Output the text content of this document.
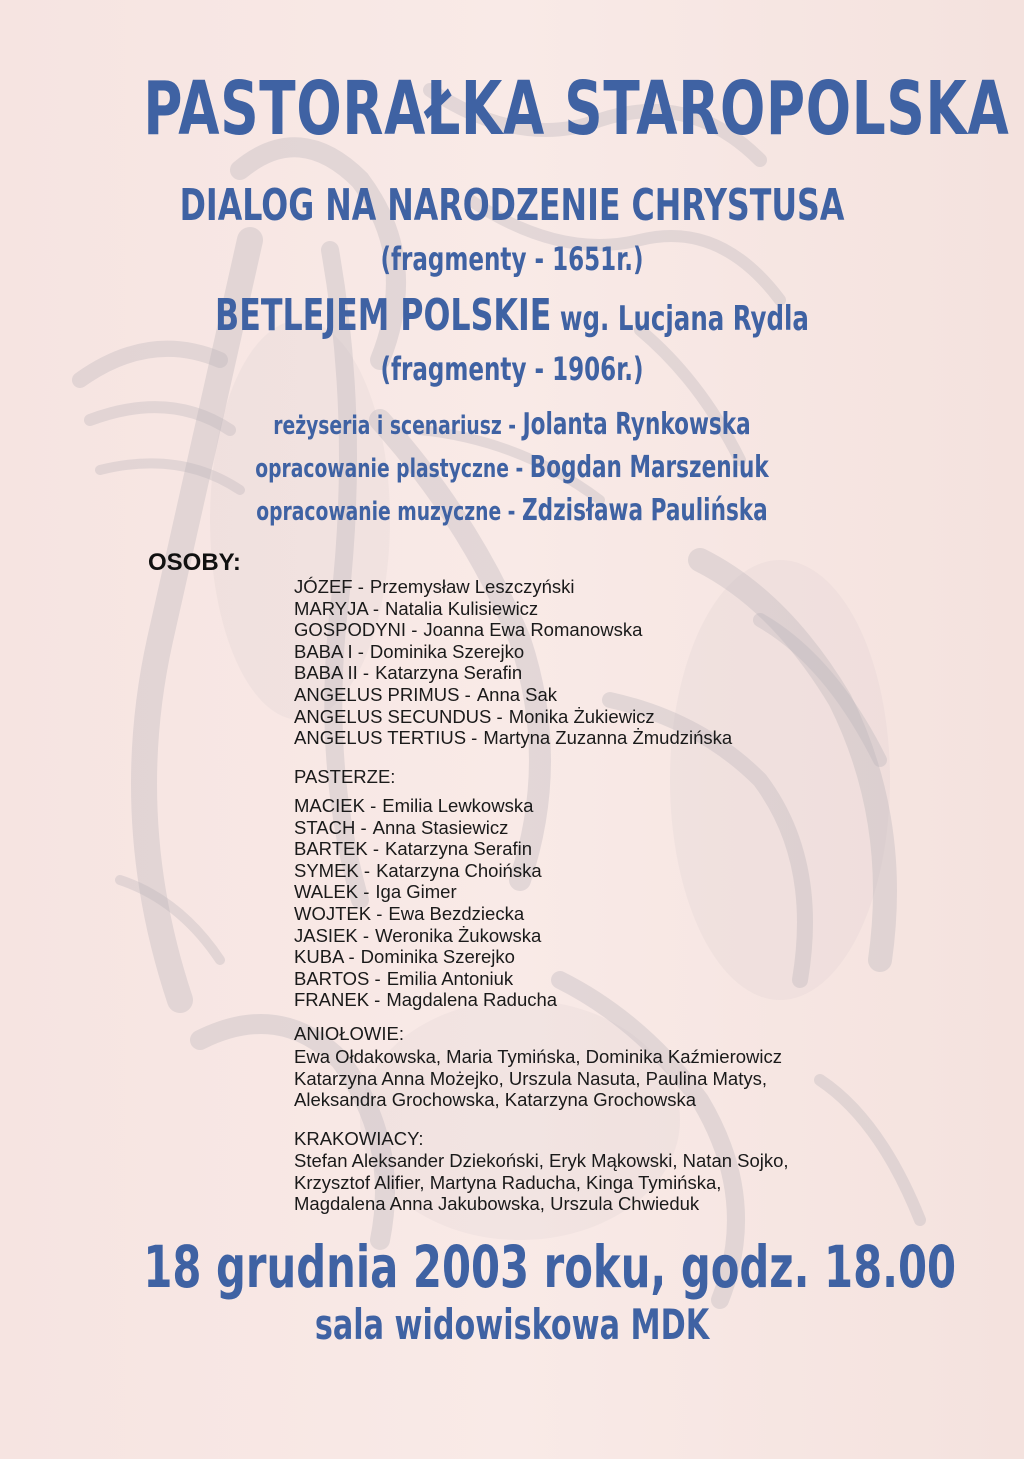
PASTORAŁKA STAROPOLSKA
DIALOG NA NARODZENIE CHRYSTUSA
(fragmenty - 1651r.)
BETLEJEM POLSKIE wg. Lucjana Rydla
(fragmenty - 1906r.)
reżyseria i scenariusz - Jolanta Rynkowska
opracowanie plastyczne - Bogdan Marszeniuk
opracowanie muzyczne - Zdzisława Paulińska
OSOBY:
JÓZEF - Przemysław Leszczyński
MARYJA - Natalia Kulisiewicz
GOSPODYNI - Joanna Ewa Romanowska
BABA I - Dominika Szerejko
BABA II - Katarzyna Serafin
ANGELUS PRIMUS - Anna Sak
ANGELUS SECUNDUS - Monika Żukiewicz
ANGELUS TERTIUS - Martyna Zuzanna Żmudzińska
PASTERZE:
MACIEK - Emilia Lewkowska
STACH - Anna Stasiewicz
BARTEK - Katarzyna Serafin
SYMEK - Katarzyna Choińska
WALEK - Iga Gimer
WOJTEK - Ewa Bezdziecka
JASIEK - Weronika Żukowska
KUBA - Dominika Szerejko
BARTOS - Emilia Antoniuk
FRANEK - Magdalena Raducha
ANIOŁOWIE:
Ewa Ołdakowska, Maria Tymińska, Dominika Kaźmierowicz
Katarzyna Anna Możejko, Urszula Nasuta, Paulina Matys,
Aleksandra Grochowska, Katarzyna Grochowska
KRAKOWIACY:
Stefan Aleksander Dziekoński, Eryk Mąkowski, Natan Sojko,
Krzysztof Alifier, Martyna Raducha, Kinga Tymińska,
Magdalena Anna Jakubowska, Urszula Chwieduk
18 grudnia 2003 roku, godz. 18.00
sala widowiskowa MDK
